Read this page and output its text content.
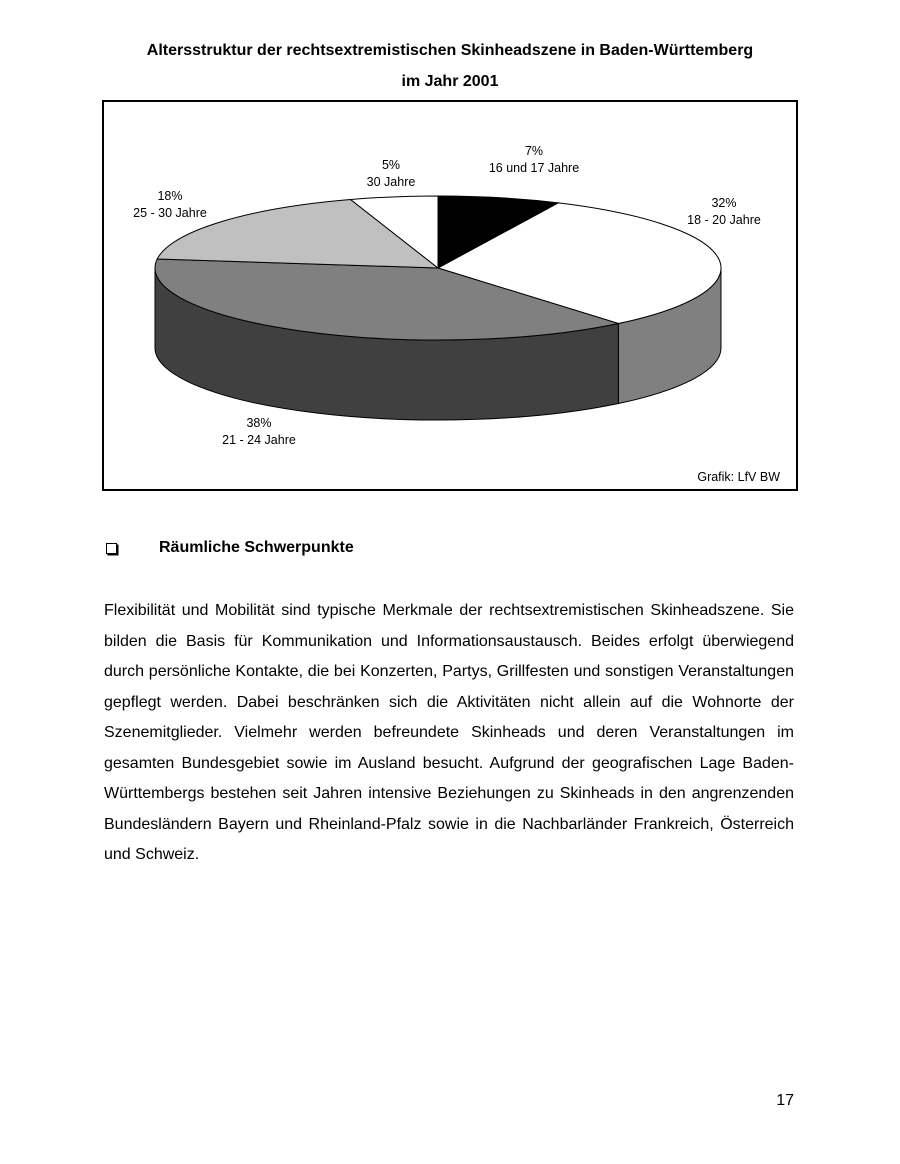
Altersstruktur der rechtsextremistischen Skinheadszene in Baden-Württemberg
im Jahr 2001
7%
16 und 17 Jahre
32%
18 - 20 Jahre
38%
21 - 24 Jahre
18%
25 - 30 Jahre
5%
30 Jahre
Grafik: LfV BW
Räumliche Schwerpunkte

Flexibilität und Mobilität sind typische Merkmale der rechtsextremistischen Skinheadszene. Sie bilden die Basis für Kommunikation und Informationsaustausch. Beides erfolgt überwiegend durch persönliche Kontakte, die bei Konzerten, Partys, Grillfesten und sonstigen Veranstaltungen gepflegt werden. Dabei beschränken sich die Aktivitäten nicht allein auf die Wohnorte der Szenemitglieder. Vielmehr werden befreundete Skinheads und deren Veranstaltungen im gesamten Bundesgebiet sowie im Ausland besucht. Aufgrund der geografischen Lage Baden-Württembergs bestehen seit Jahren intensive Beziehungen zu Skinheads in den angrenzenden Bundesländern Bayern und Rheinland-Pfalz sowie in die Nachbarländer Frankreich, Österreich und Schweiz.

17
